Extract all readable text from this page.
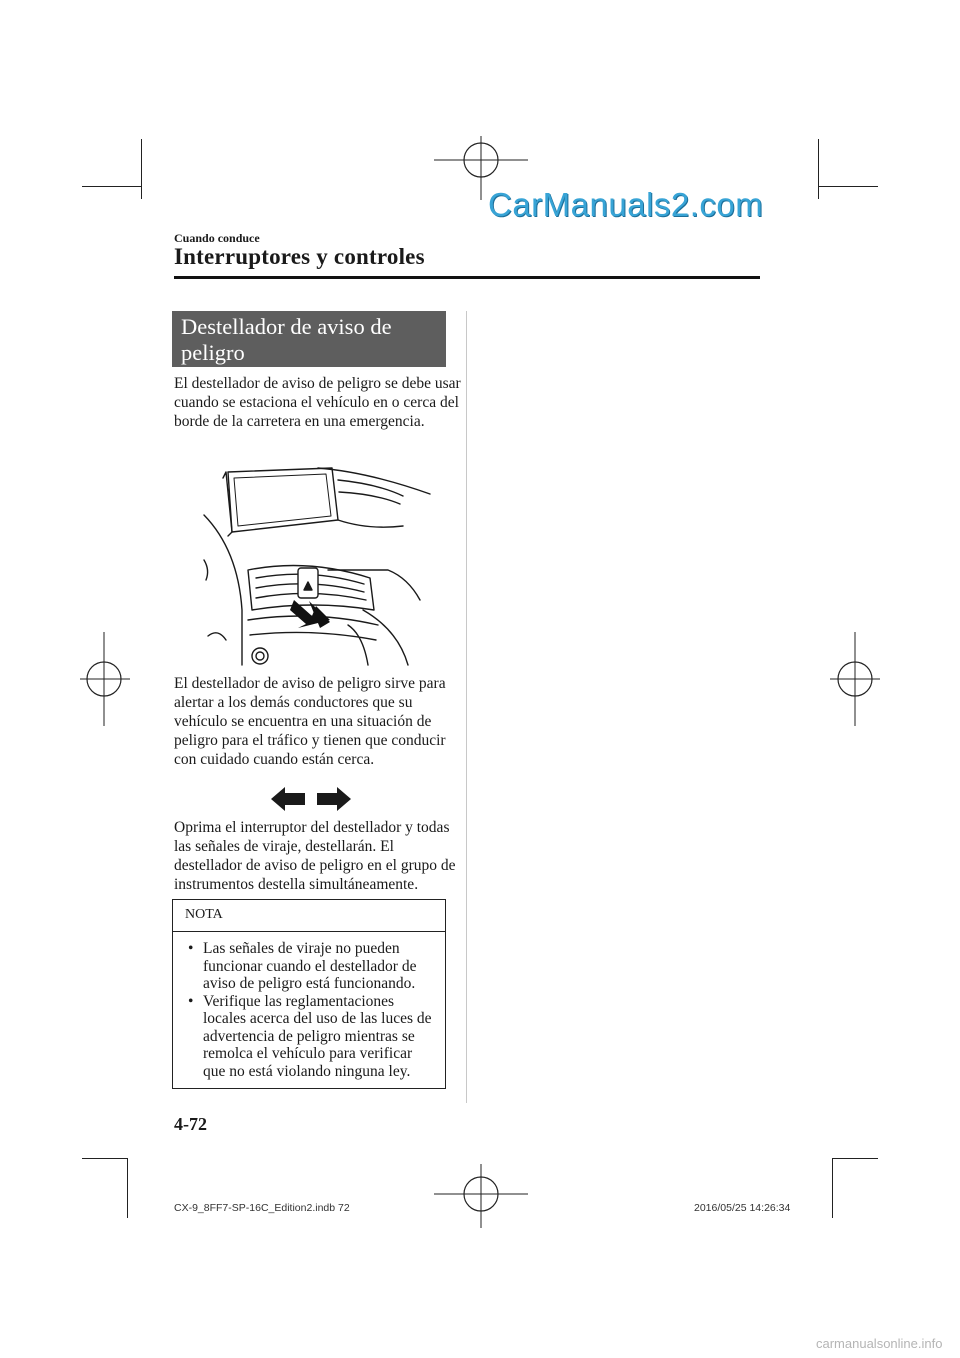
CarManuals2.com
Cuando conduce
Interruptores y controles
Destellador de aviso de
peligro

El destellador de aviso de peligro se debe usar cuando se estaciona el vehículo en o cerca del borde de la carretera en una emergencia.

El destellador de aviso de peligro sirve para alertar a los demás conductores que su vehículo se encuentra en una situación de peligro para el tráfico y tienen que conducir con cuidado cuando están cerca.

Oprima el interruptor del destellador y todas las señales de viraje, destellarán. El destellador de aviso de peligro en el grupo de instrumentos destella simultáneamente.

NOTA
• Las señales de viraje no pueden funcionar cuando el destellador de aviso de peligro está funcionando.
• Verifique las reglamentaciones locales acerca del uso de las luces de advertencia de peligro mientras se remolca el vehículo para verificar que no está violando ninguna ley.
4-72
CX-9_8FF7-SP-16C_Edition2.indb 72	2016/05/25 14:26:34
carmanualsonline.info
